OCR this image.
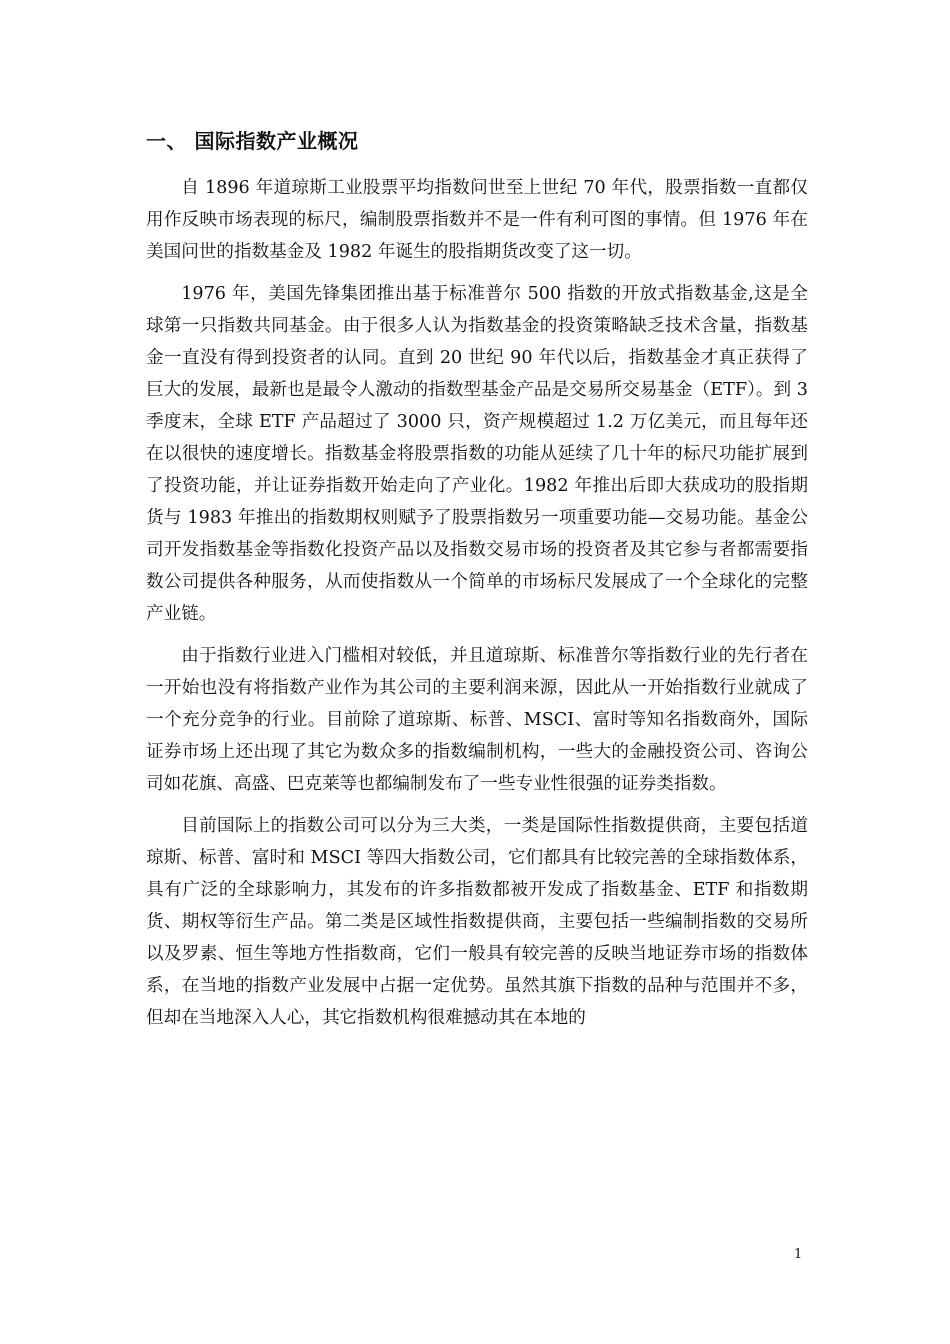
一、 国际指数产业概况

自 1896 年道琼斯工业股票平均指数问世至上世纪 70 年代，股票指数一直都仅用作反映市场表现的标尺，编制股票指数并不是一件有利可图的事情。但 1976 年在美国问世的指数基金及 1982 年诞生的股指期货改变了这一切。

1976 年，美国先锋集团推出基于标准普尔 500 指数的开放式指数基金,这是全球第一只指数共同基金。由于很多人认为指数基金的投资策略缺乏技术含量，指数基金一直没有得到投资者的认同。直到 20 世纪 90 年代以后，指数基金才真正获得了巨大的发展，最新也是最令人激动的指数型基金产品是交易所交易基金（ETF）。到 3 季度末，全球 ETF 产品超过了 3000 只，资产规模超过 1.2 万亿美元，而且每年还在以很快的速度增长。指数基金将股票指数的功能从延续了几十年的标尺功能扩展到了投资功能，并让证券指数开始走向了产业化。1982 年推出后即大获成功的股指期货与 1983 年推出的指数期权则赋予了股票指数另一项重要功能—交易功能。基金公司开发指数基金等指数化投资产品以及指数交易市场的投资者及其它参与者都需要指数公司提供各种服务，从而使指数从一个简单的市场标尺发展成了一个全球化的完整产业链。

由于指数行业进入门槛相对较低，并且道琼斯、标准普尔等指数行业的先行者在一开始也没有将指数产业作为其公司的主要利润来源，因此从一开始指数行业就成了一个充分竞争的行业。目前除了道琼斯、标普、MSCI、富时等知名指数商外，国际证券市场上还出现了其它为数众多的指数编制机构，一些大的金融投资公司、咨询公司如花旗、高盛、巴克莱等也都编制发布了一些专业性很强的证券类指数。

目前国际上的指数公司可以分为三大类，一类是国际性指数提供商，主要包括道琼斯、标普、富时和 MSCI 等四大指数公司，它们都具有比较完善的全球指数体系，具有广泛的全球影响力，其发布的许多指数都被开发成了指数基金、ETF 和指数期货、期权等衍生产品。第二类是区域性指数提供商，主要包括一些编制指数的交易所以及罗素、恒生等地方性指数商，它们一般具有较完善的反映当地证券市场的指数体系，在当地的指数产业发展中占据一定优势。虽然其旗下指数的品种与范围并不多，但却在当地深入人心，其它指数机构很难撼动其在本地的

1
